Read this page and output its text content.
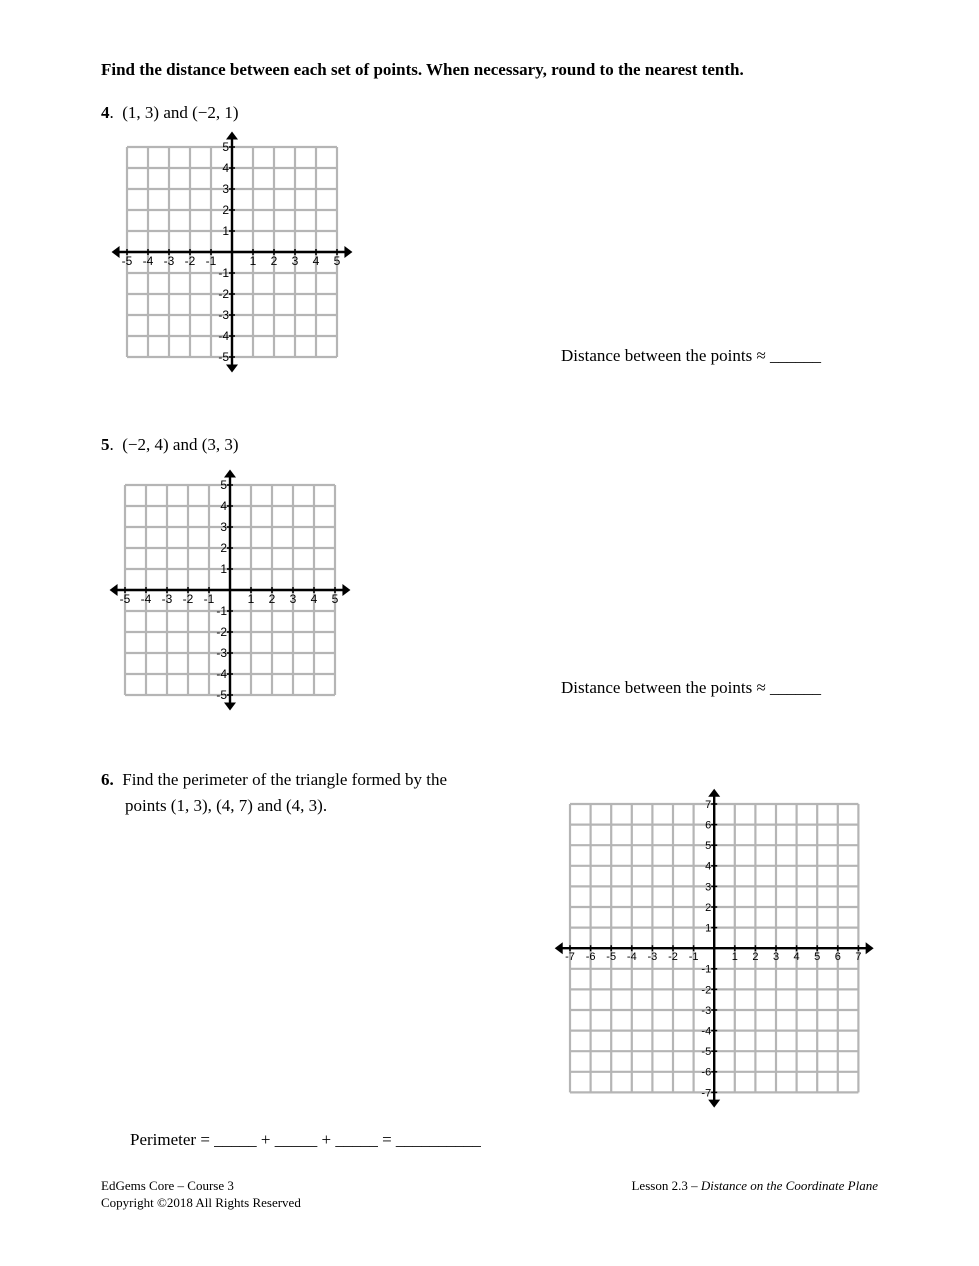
Find the distance between each set of points. When necessary, round to the nearest tenth.
4. (1, 3) and (−2, 1)
-5
-5
-4
-4
-3
-3
-2
-2
-1
-1
1
1
2
2
3
3
4
4
5
5
-5
-5
-4
-4
-3
-3
-2
-2
-1
-1
1
1
2
2
3
3
4
4
5
5
-7
-7
-6
-6
-5
-5
-4
-4
-3
-3
-2
-2
-1
-1
1
1
2
2
3
3
4
4
5
5
6
6
7
7
Distance between the points ≈ ______
5. (−2, 4) and (3, 3)
Distance between the points ≈ ______
6. Find the perimeter of the triangle formed by the
points (1, 3), (4, 7) and (4, 3).
Perimeter = _____ + _____ + _____ = __________
EdGems Core – Course 3
Copyright ©2018 All Rights Reserved
Lesson 2.3 – Distance on the Coordinate Plane
